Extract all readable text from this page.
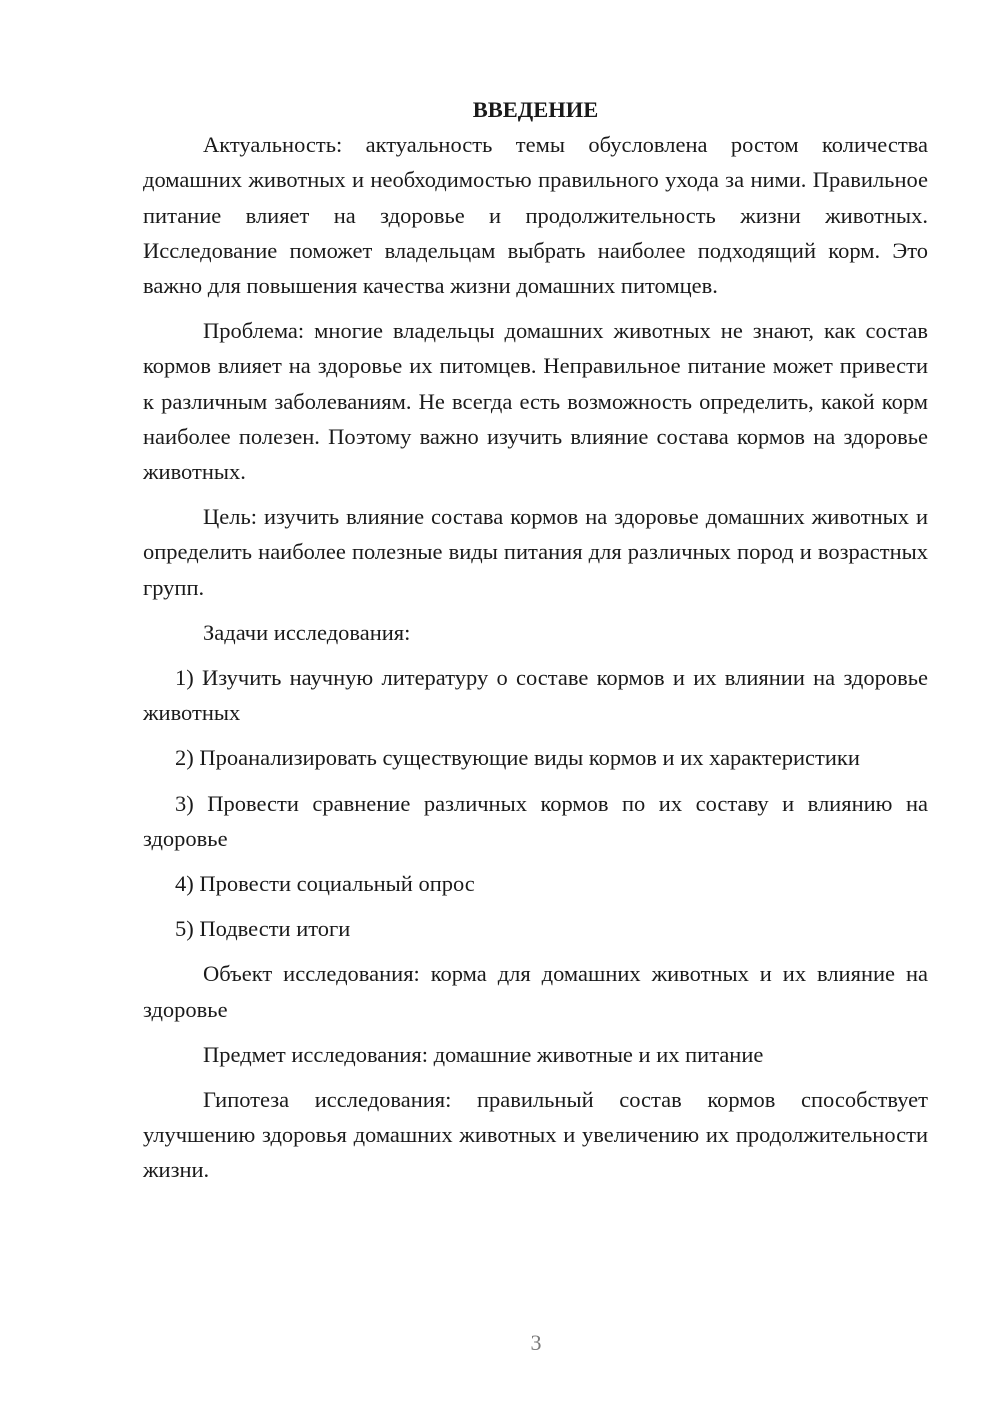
ВВЕДЕНИЕ

Актуальность: актуальность темы обусловлена ростом количества домашних животных и необходимостью правильного ухода за ними. Правильное питание влияет на здоровье и продолжительность жизни животных. Исследование поможет владельцам выбрать наиболее подходящий корм. Это важно для повышения качества жизни домашних питомцев.

Проблема: многие владельцы домашних животных не знают, как состав кормов влияет на здоровье их питомцев. Неправильное питание может привести к различным заболеваниям. Не всегда есть возможность определить, какой корм наиболее полезен. Поэтому важно изучить влияние состава кормов на здоровье животных.

Цель: изучить влияние состава кормов на здоровье домашних животных и определить наиболее полезные виды питания для различных пород и возрастных групп.

Задачи исследования:

1) Изучить научную литературу о составе кормов и их влиянии на здоровье животных

2) Проанализировать существующие виды кормов и их характеристики

3) Провести сравнение различных кормов по их составу и влиянию на здоровье

4) Провести социальный опрос

5) Подвести итоги

Объект исследования: корма для домашних животных и их влияние на здоровье

Предмет исследования: домашние животные и их питание

Гипотеза исследования: правильный состав кормов способствует улучшению здоровья домашних животных и увеличению их продолжительности жизни.

3
